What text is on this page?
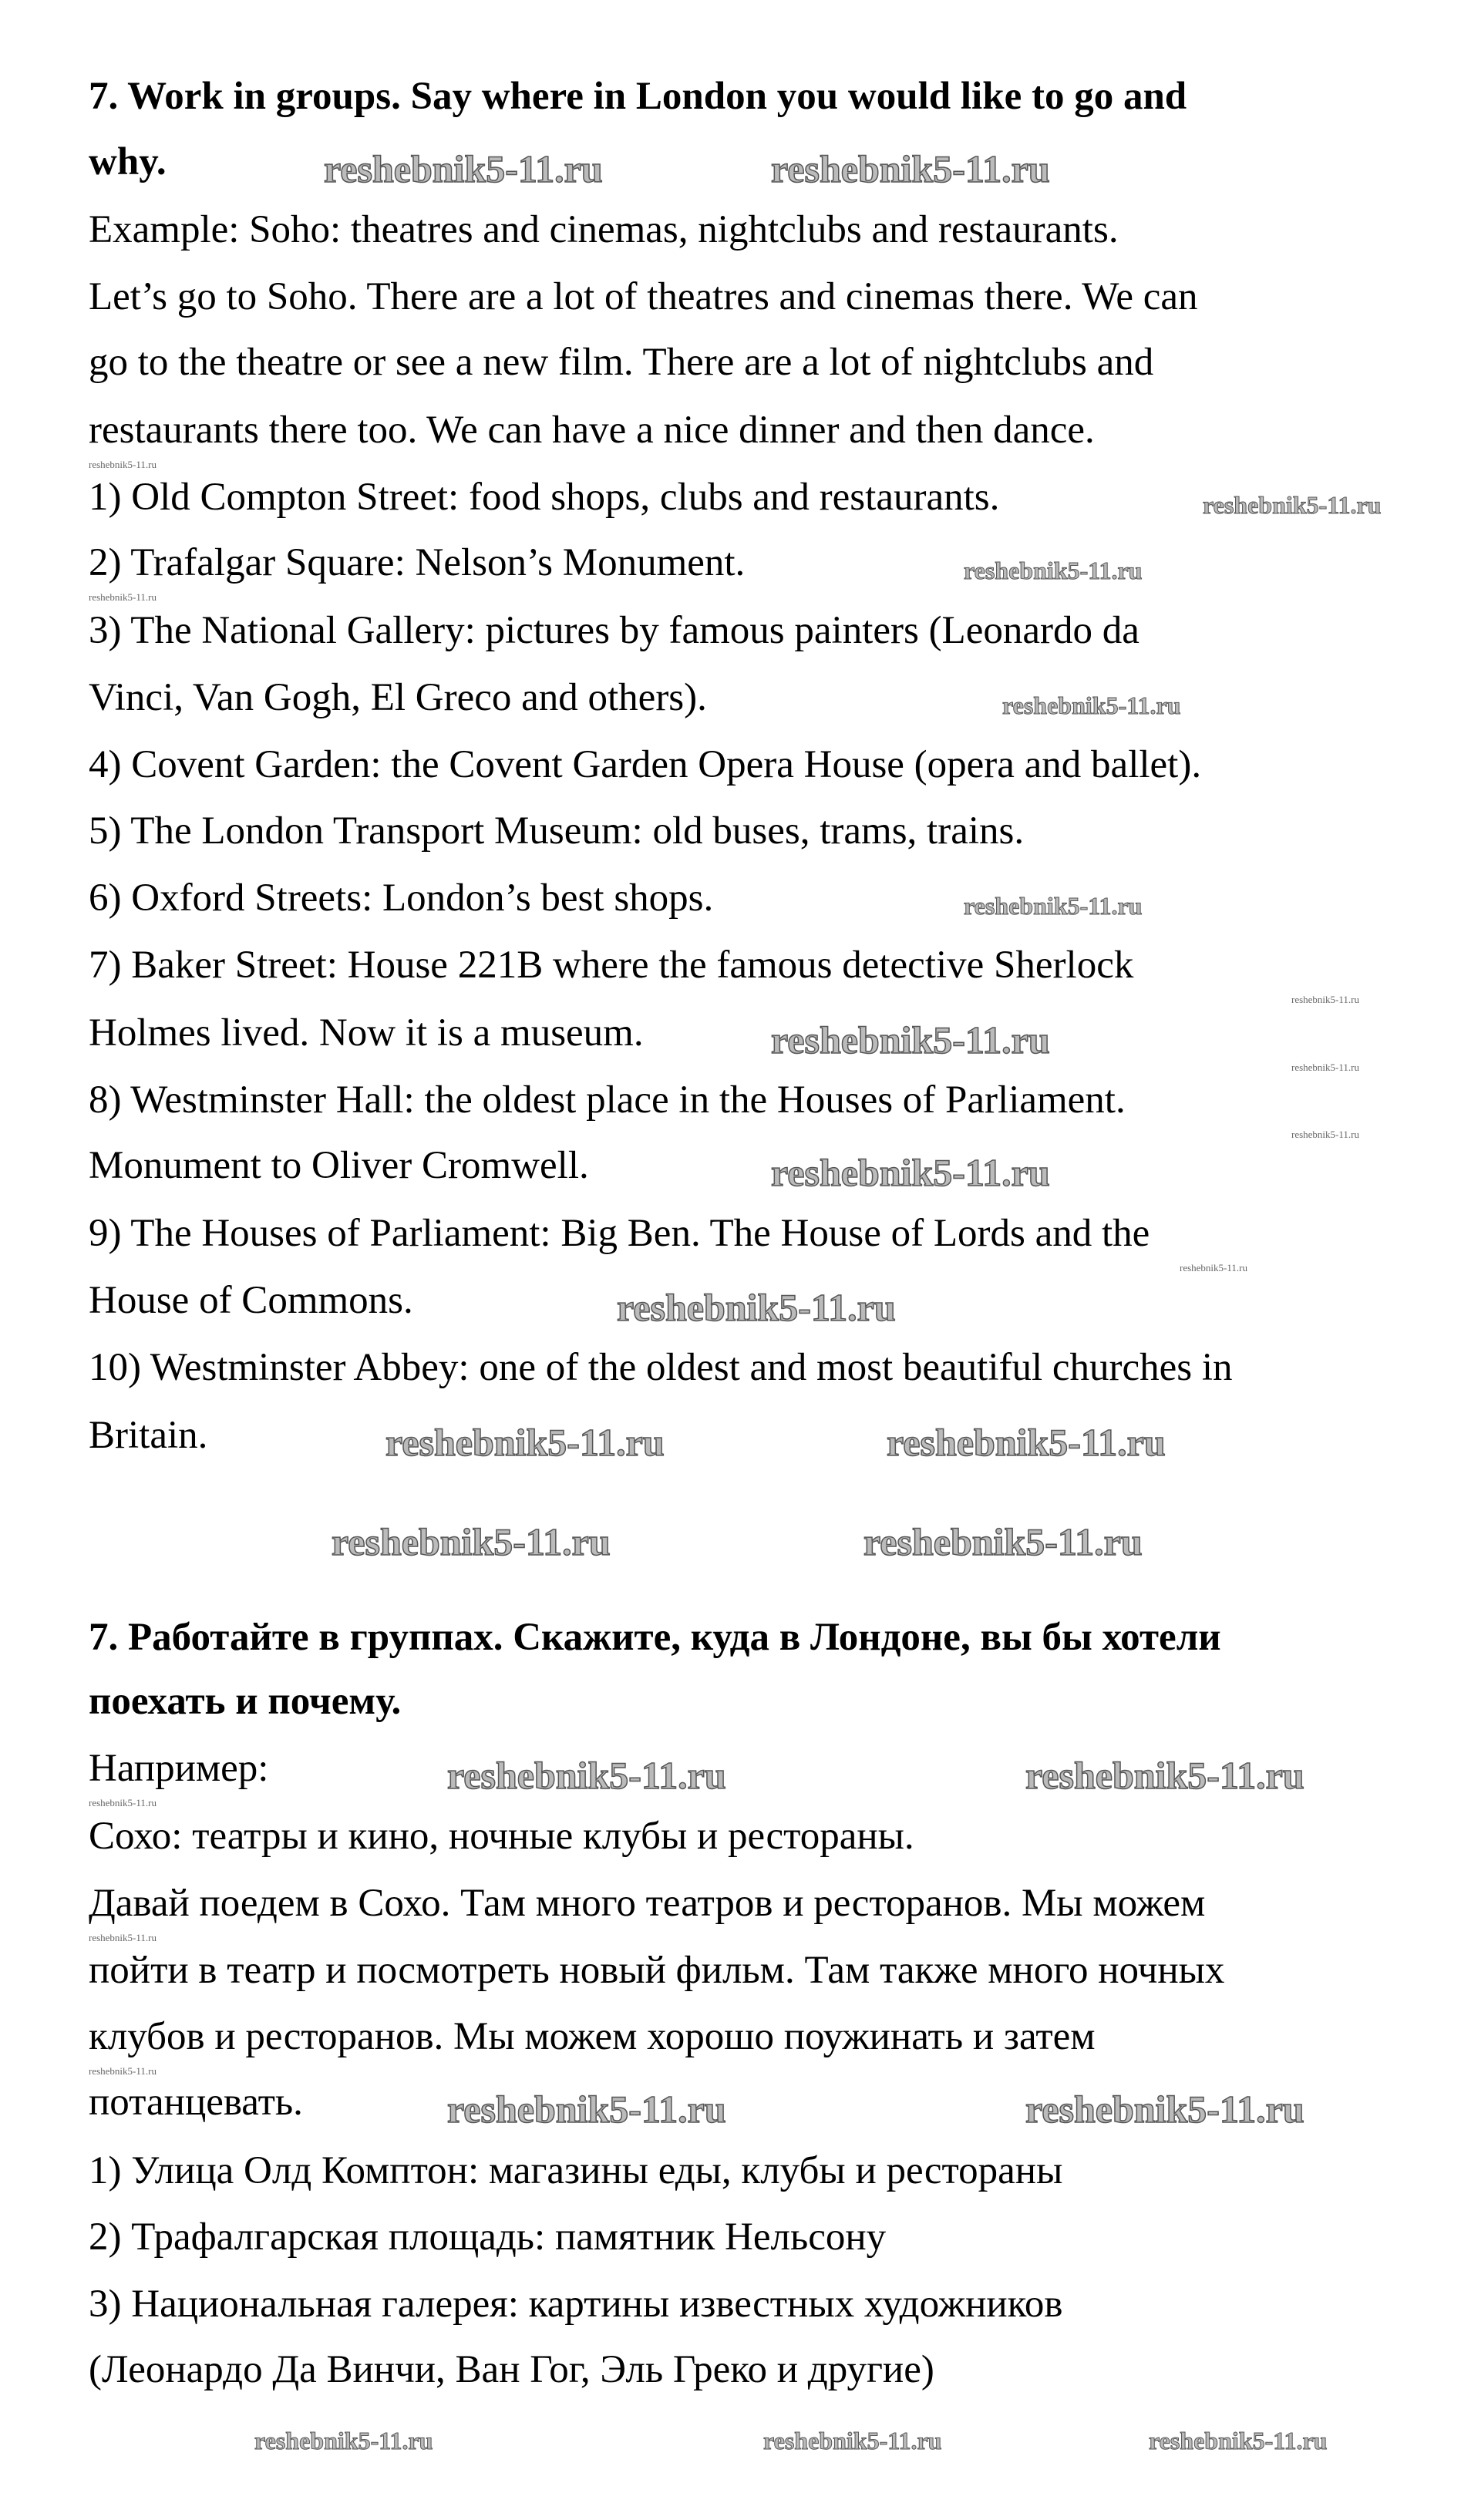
7. Work in groups. Say where in London you would like to go and
why.
Example: Soho: theatres and cinemas, nightclubs and restaurants.
Let’s go to Soho. There are a lot of theatres and cinemas there. We can
go to the theatre or see a new film. There are a lot of nightclubs and
restaurants there too. We can have a nice dinner and then dance.
1) Old Compton Street: food shops, clubs and restaurants.
2) Trafalgar Square: Nelson’s Monument.
3) The National Gallery: pictures by famous painters (Leonardo da
Vinci, Van Gogh, El Greco and others).
4) Covent Garden: the Covent Garden Opera House (opera and ballet).
5) The London Transport Museum: old buses, trams, trains.
6) Oxford Streets: London’s best shops.
7) Baker Street: House 221B where the famous detective Sherlock
Holmes lived. Now it is a museum.
8) Westminster Hall: the oldest place in the Houses of Parliament.
Monument to Oliver Cromwell.
9) The Houses of Parliament: Big Ben. The House of Lords and the
House of Commons.
10) Westminster Abbey: one of the oldest and most beautiful churches in
Britain.
7. Работайте в группах. Скажите, куда в Лондоне, вы бы хотели
поехать и почему.
Например:
Сохо: театры и кино, ночные клубы и рестораны.
Давай поедем в Сохо. Там много театров и ресторанов. Мы можем
пойти в театр и посмотреть новый фильм. Там также много ночных
клубов и ресторанов. Мы можем хорошо поужинать и затем
потанцевать.
1) Улица Олд Комптон: магазины еды, клубы и рестораны
2) Трафалгарская площадь: памятник Нельсону
3) Национальная галерея: картины известных художников
(Леонардо Да Винчи, Ван Гог, Эль Греко и другие)
reshebnik5-11.ru	reshebnik5-11.ru
reshebnik5-11.ru
reshebnik5-11.ru
reshebnik5-11.ru
reshebnik5-11.ru	reshebnik5-11.ru
reshebnik5-11.ru	reshebnik5-11.ru
reshebnik5-11.ru	reshebnik5-11.ru
reshebnik5-11.ru	reshebnik5-11.ru
reshebnik5-11.ru
reshebnik5-11.ru
reshebnik5-11.ru
reshebnik5-11.ru
reshebnik5-11.ru	reshebnik5-11.ru	reshebnik5-11.ru
reshebnik5-11.ru
reshebnik5-11.ru
reshebnik5-11.ru
reshebnik5-11.ru
reshebnik5-11.ru
reshebnik5-11.ru
reshebnik5-11.ru
reshebnik5-11.ru
reshebnik5-11.ru
